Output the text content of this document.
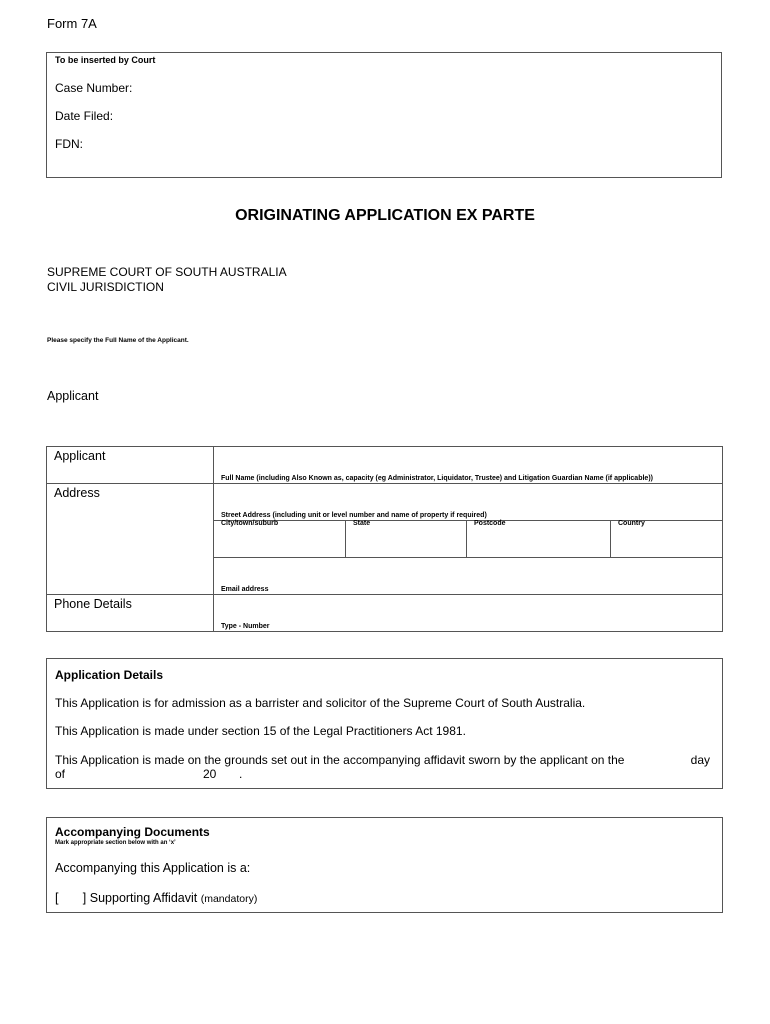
Form 7A
To be inserted by Court
Case Number:
Date Filed:
FDN:
ORIGINATING APPLICATION EX PARTE
SUPREME COURT OF SOUTH AUSTRALIA
CIVIL JURISDICTION
Please specify the Full Name of the Applicant.
Applicant
Applicant	Full Name (including Also Known as, capacity (eg Administrator, Liquidator, Trustee) and Litigation Guardian Name (if applicable))

Address	Street Address (including unit or level number and name of property if required)

	City/town/suburb State Postcode Country

	Email address

Phone Details	Type - Number
Application Details
This Application is for admission as a barrister and solicitor of the Supreme Court of South Australia.
This Application is made under section 15 of the Legal Practitioners Act 1981.
This Application is made on the grounds set out in the accompanying affidavit sworn by the applicant on the	day
of	20 .
Accompanying Documents
Mark appropriate section below with an ‘x’
Accompanying this Application is a:
[       ] Supporting Affidavit (mandatory)
